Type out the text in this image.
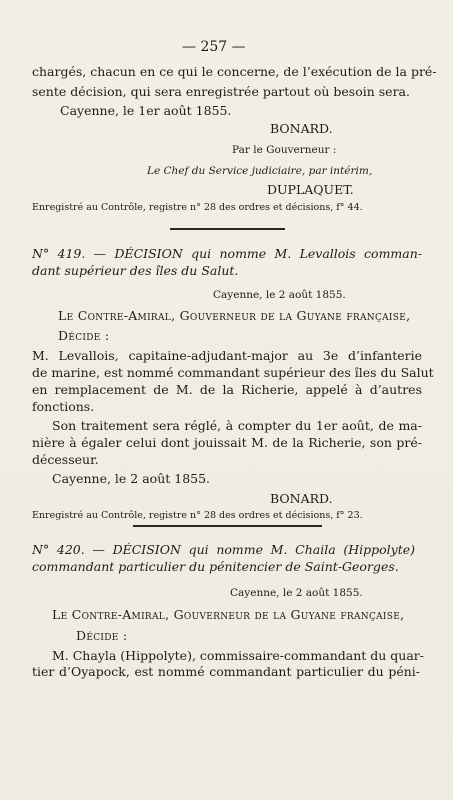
— 257 —
chargés, chacun en ce qui le concerne, de l’exécution de la pré-
sente décision, qui sera enregistrée partout où besoin sera.
Cayenne, le 1er août 1855.
BONARD.
Par le Gouverneur :
Le Chef du Service judiciaire, par intérim,
DUPLAQUET.
Enregistré au Contrôle, registre n° 28 des ordres et décisions, f° 44.
N° 419. — DÉCISION qui nomme M. Levallois comman-
dant supérieur des îles du Salut.
Cayenne, le 2 août 1855.
Le Contre-Amiral, Gouverneur de la Guyane française,
Décide :
M. Levallois, capitaine-adjudant-major au 3e d’infanterie
de marine, est nommé commandant supérieur des îles du Salut
en remplacement de M. de la Richerie, appelé à d’autres
fonctions.
Son traitement sera réglé, à compter du 1er août, de ma-
nière à égaler celui dont jouissait M. de la Richerie, son pré-
décesseur.
Cayenne, le 2 août 1855.
BONARD.
Enregistré au Contrôle, registre n° 28 des ordres et décisions, f° 23.
N° 420. — DÉCISION qui nomme M. Chaila (Hippolyte)
commandant particulier du pénitencier de Saint-Georges.
Cayenne, le 2 août 1855.
Le Contre-Amiral, Gouverneur de la Guyane française,
Décide :
M. Chayla (Hippolyte), commissaire-commandant du quar-
tier d’Oyapock, est nommé commandant particulier du péni-
